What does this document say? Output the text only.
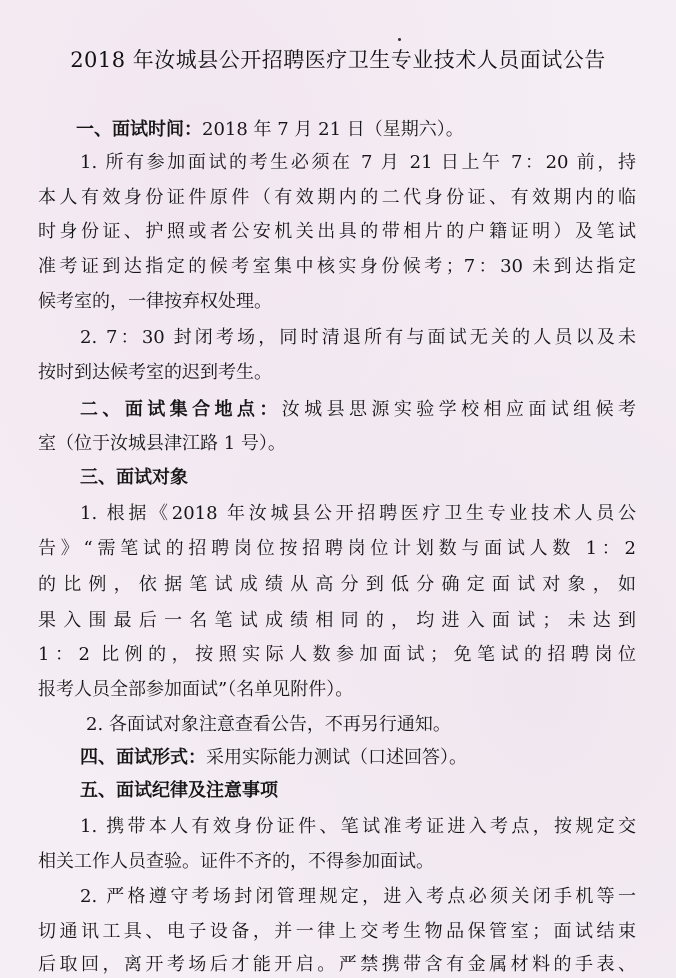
2018 年汝城县公开招聘医疗卫生专业技术人员面试公告
一、面试时间：2018 年 7 月 21 日（星期六）。
1. 所有参加面试的考生必须在 7 月 21 日上午 7：20 前，持
本人有效身份证件原件（有效期内的二代身份证、有效期内的临
时身份证、护照或者公安机关出具的带相片的户籍证明）及笔试
准考证到达指定的候考室集中核实身份候考；7：30 未到达指定
候考室的，一律按弃权处理。
2. 7：30 封闭考场，同时清退所有与面试无关的人员以及未
按时到达候考室的迟到考生。
二、面试集合地点：汝城县思源实验学校相应面试组候考
室（位于汝城县津江路 1 号）。
三、面试对象
1. 根据《2018 年汝城县公开招聘医疗卫生专业技术人员公
告》“需笔试的招聘岗位按招聘岗位计划数与面试人数 1：2
的比例，依据笔试成绩从高分到低分确定面试对象，如
果入围最后一名笔试成绩相同的，均进入面试；未达到
1：2 比例的，按照实际人数参加面试；免笔试的招聘岗位
报考人员全部参加面试”（名单见附件）。
2. 各面试对象注意查看公告，不再另行通知。
四、面试形式：采用实际能力测试（口述回答）。
五、面试纪律及注意事项
1. 携带本人有效身份证件、笔试准考证进入考点，按规定交
相关工作人员查验。证件不齐的，不得参加面试。
2. 严格遵守考场封闭管理规定，进入考点必须关闭手机等一
切通讯工具、电子设备，并一律上交考生物品保管室；面试结束
后取回，离开考场后才能开启。严禁携带含有金属材料的手表、
